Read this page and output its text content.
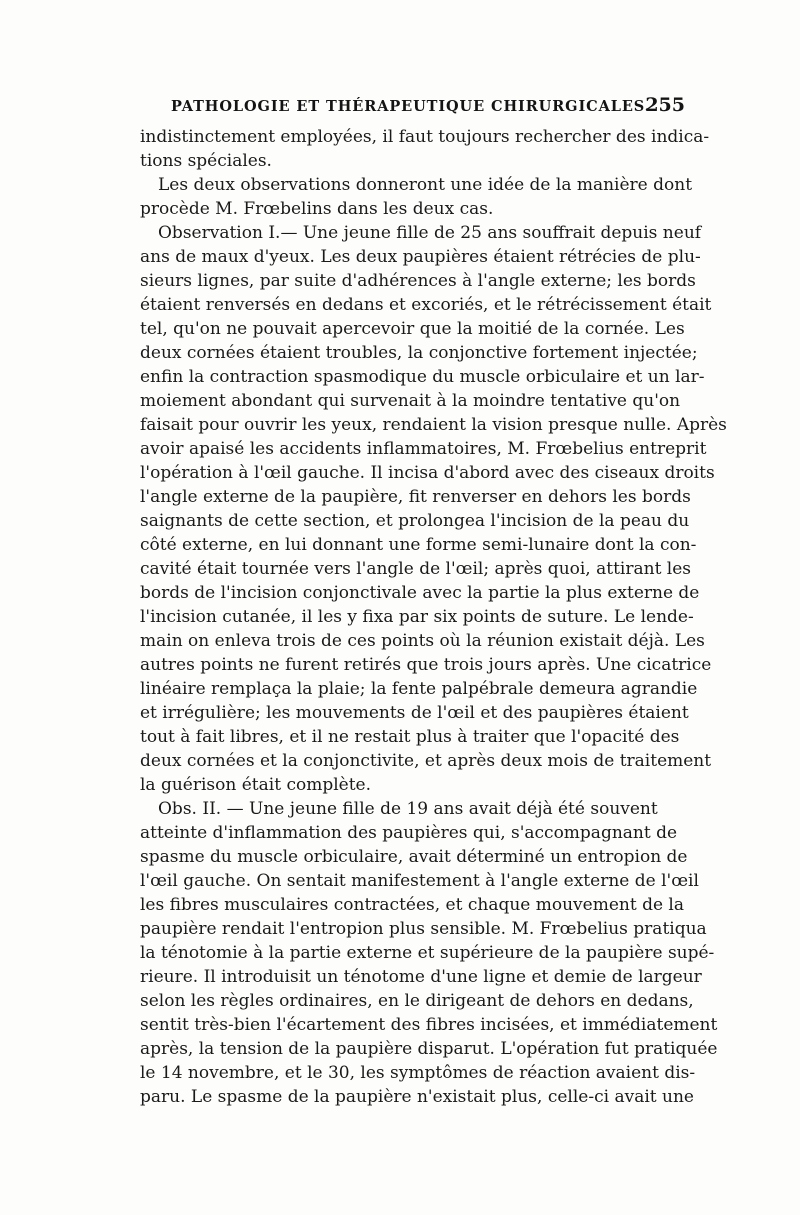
PATHOLOGIE ET THÉRAPEUTIQUE CHIRURGICALES.
255
indistinctement employées, il faut toujours rechercher des indica-
tions spéciales.
Les deux observations donneront une idée de la manière dont
procède M. Frœbelins dans les deux cas.
Observation I.— Une jeune fille de 25 ans souffrait depuis neuf
ans de maux d'yeux. Les deux paupières étaient rétrécies de plu-
sieurs lignes, par suite d'adhérences à l'angle externe; les bords
étaient renversés en dedans et excoriés, et le rétrécissement était
tel, qu'on ne pouvait apercevoir que la moitié de la cornée. Les
deux cornées étaient troubles, la conjonctive fortement injectée;
enfin la contraction spasmodique du muscle orbiculaire et un lar-
moiement abondant qui survenait à la moindre tentative qu'on
faisait pour ouvrir les yeux, rendaient la vision presque nulle. Après
avoir apaisé les accidents inflammatoires, M. Frœbelius entreprit
l'opération à l'œil gauche. Il incisa d'abord avec des ciseaux droits
l'angle externe de la paupière, fit renverser en dehors les bords
saignants de cette section, et prolongea l'incision de la peau du
côté externe, en lui donnant une forme semi-lunaire dont la con-
cavité était tournée vers l'angle de l'œil; après quoi, attirant les
bords de l'incision conjonctivale avec la partie la plus externe de
l'incision cutanée, il les y fixa par six points de suture. Le lende-
main on enleva trois de ces points où la réunion existait déjà. Les
autres points ne furent retirés que trois jours après. Une cicatrice
linéaire remplaça la plaie; la fente palpébrale demeura agrandie
et irrégulière; les mouvements de l'œil et des paupières étaient
tout à fait libres, et il ne restait plus à traiter que l'opacité des
deux cornées et la conjonctivite, et après deux mois de traitement
la guérison était complète.
Obs. II. — Une jeune fille de 19 ans avait déjà été souvent
atteinte d'inflammation des paupières qui, s'accompagnant de
spasme du muscle orbiculaire, avait déterminé un entropion de
l'œil gauche. On sentait manifestement à l'angle externe de l'œil
les fibres musculaires contractées, et chaque mouvement de la
paupière rendait l'entropion plus sensible. M. Frœbelius pratiqua
la ténotomie à la partie externe et supérieure de la paupière supé-
rieure. Il introduisit un ténotome d'une ligne et demie de largeur
selon les règles ordinaires, en le dirigeant de dehors en dedans,
sentit très-bien l'écartement des fibres incisées, et immédiatement
après, la tension de la paupière disparut. L'opération fut pratiquée
le 14 novembre, et le 30, les symptômes de réaction avaient dis-
paru. Le spasme de la paupière n'existait plus, celle-ci avait une
